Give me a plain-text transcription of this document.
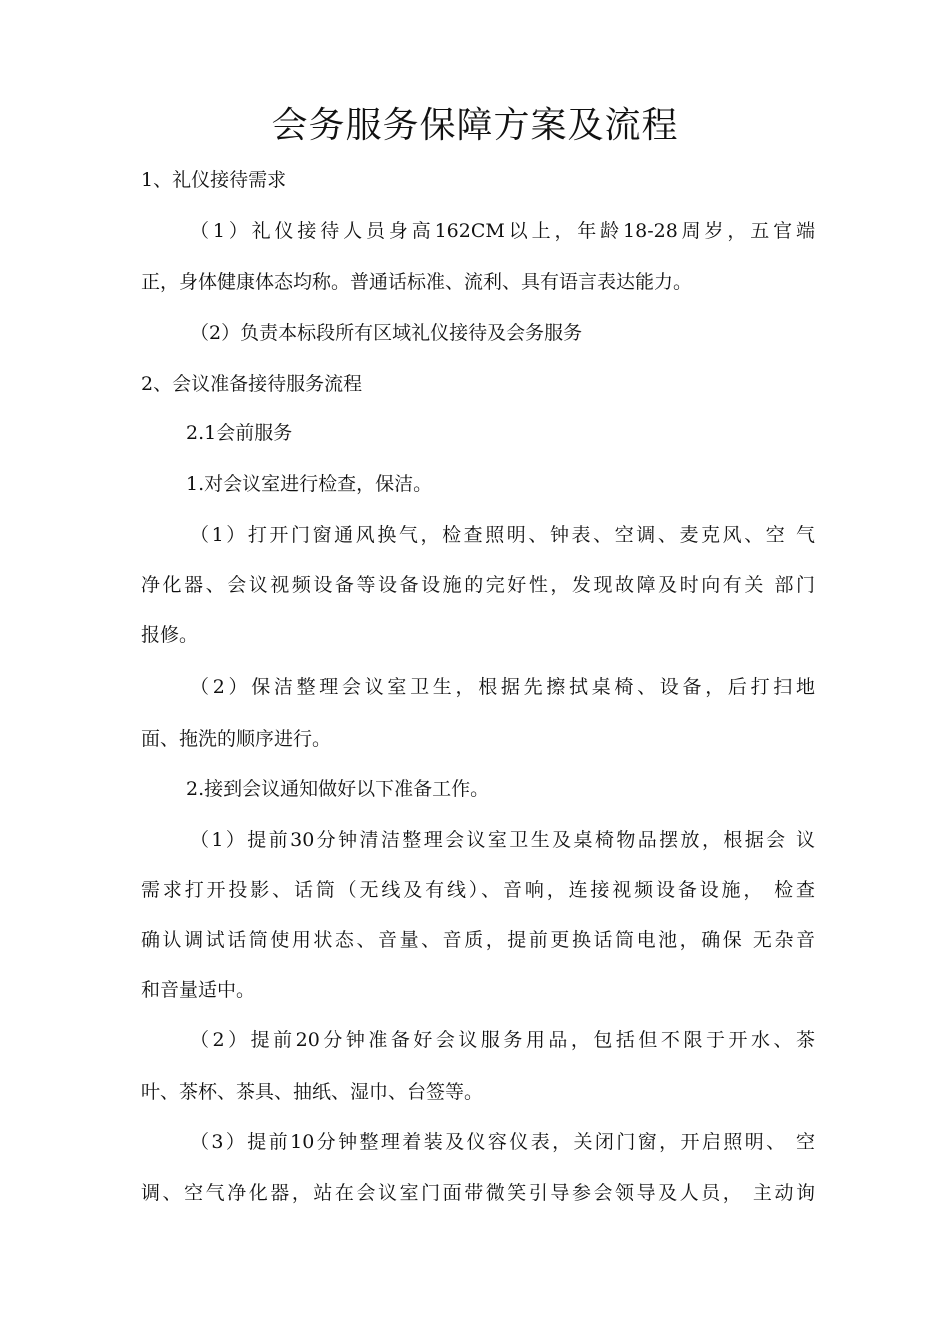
会务服务保障方案及流程
1、礼仪接待需求
（1）礼仪接待人员身高162CM以上，年龄18-28周岁，五官端
正，身体健康体态均称。普通话标准、流利、具有语言表达能力。
（2）负责本标段所有区域礼仪接待及会务服务
2、会议准备接待服务流程
2.1会前服务
1.对会议室进行检查，保洁。
（1）打开门窗通风换气，检查照明、钟表、空调、麦克风、空 气
净化器、会议视频设备等设备设施的完好性，发现故障及时向有关 部门
报修。
（2）保洁整理会议室卫生，根据先擦拭桌椅、设备，后打扫地
面、拖洗的顺序进行。
2.接到会议通知做好以下准备工作。
（1）提前30分钟清洁整理会议室卫生及桌椅物品摆放，根据会 议
需求打开投影、话筒（无线及有线）、音响，连接视频设备设施， 检查
确认调试话筒使用状态、音量、音质，提前更换话筒电池，确保 无杂音
和音量适中。
（2）提前20分钟准备好会议服务用品，包括但不限于开水、茶
叶、茶杯、茶具、抽纸、湿巾、台签等。
（3）提前10分钟整理着装及仪容仪表，关闭门窗，开启照明、 空
调、空气净化器，站在会议室门面带微笑引导参会领导及人员， 主动询
